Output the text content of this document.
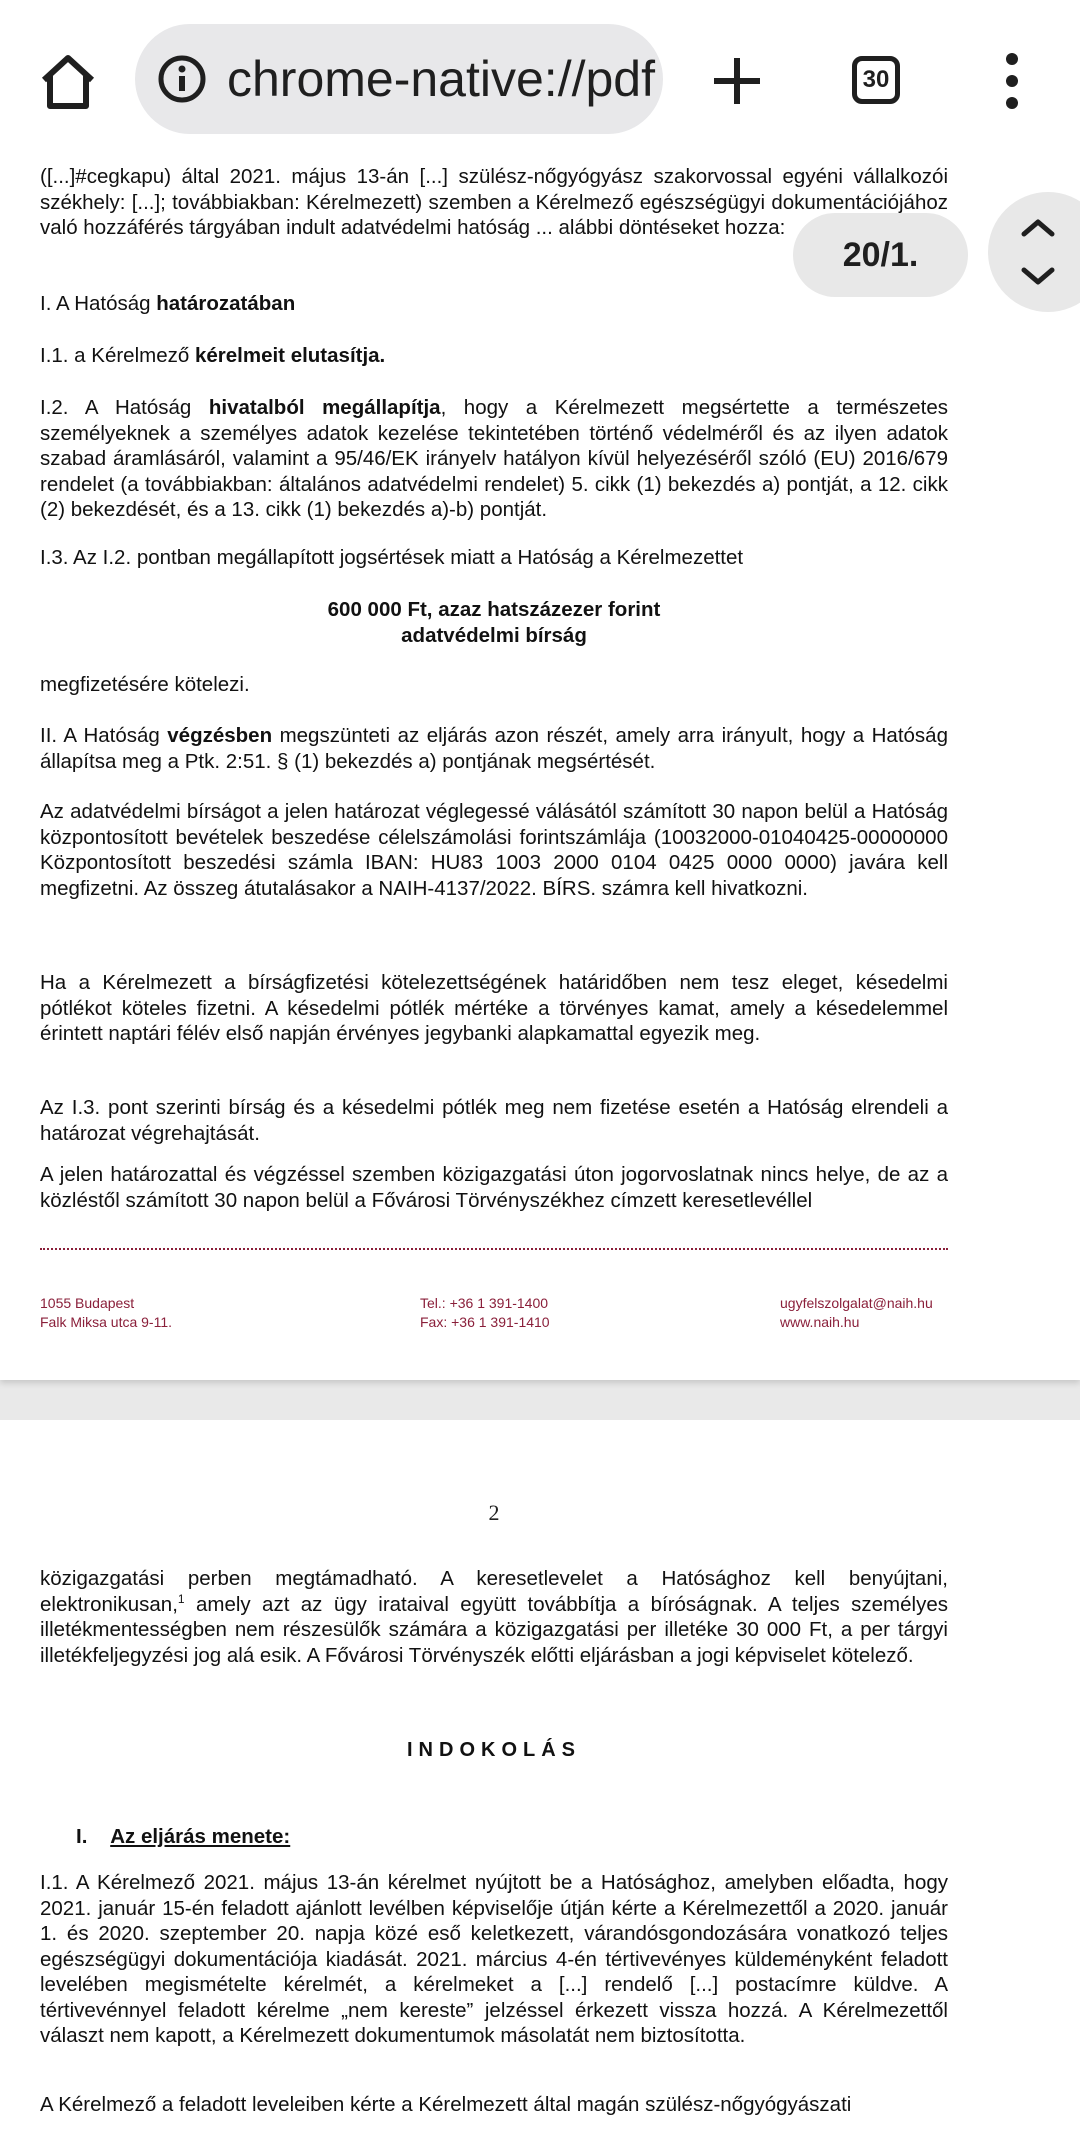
chrome-native://pdf	30
20/1.

([...]#cegkapu) által 2021. május 13-án [...] szülész-nőgyógyász szakorvossal egyéni vállalkozói székhely: [...]; továbbiakban: Kérelmezett) szemben a Kérelmező egészségügyi dokumentációjához való hozzáférés tárgyában indult adatvédelmi hatóság ... alábbi döntéseket hozza:

I. A Hatóság határozatában

I.1. a Kérelmező kérelmeit elutasítja.

I.2. A Hatóság hivatalból megállapítja, hogy a Kérelmezett megsértette a természetes személyeknek a személyes adatok kezelése tekintetében történő védelméről és az ilyen adatok szabad áramlásáról, valamint a 95/46/EK irányelv hatályon kívül helyezéséről szóló (EU) 2016/679 rendelet (a továbbiakban: általános adatvédelmi rendelet) 5. cikk (1) bekezdés a) pontját, a 12. cikk (2) bekezdését, és a 13. cikk (1) bekezdés a)-b) pontját.

I.3. Az I.2. pontban megállapított jogsértések miatt a Hatóság a Kérelmezettet

600 000 Ft, azaz hatszázezer forint
adatvédelmi bírság

megfizetésére kötelezi.

II. A Hatóság végzésben megszünteti az eljárás azon részét, amely arra irányult, hogy a Hatóság állapítsa meg a Ptk. 2:51. § (1) bekezdés a) pontjának megsértését.

Az adatvédelmi bírságot a jelen határozat véglegessé válásától számított 30 napon belül a Hatóság központosított bevételek beszedése célelszámolási forintszámlája (10032000-01040425-00000000 Központosított beszedési számla IBAN: HU83 1003 2000 0104 0425 0000 0000) javára kell megfizetni. Az összeg átutalásakor a NAIH-4137/2022. BÍRS. számra kell hivatkozni.

Ha a Kérelmezett a bírságfizetési kötelezettségének határidőben nem tesz eleget, késedelmi pótlékot köteles fizetni. A késedelmi pótlék mértéke a törvényes kamat, amely a késedelemmel érintett naptári félév első napján érvényes jegybanki alapkamattal egyezik meg.

Az I.3. pont szerinti bírság és a késedelmi pótlék meg nem fizetése esetén a Hatóság elrendeli a határozat végrehajtását.

A jelen határozattal és végzéssel szemben közigazgatási úton jogorvoslatnak nincs helye, de az a közléstől számított 30 napon belül a Fővárosi Törvényszékhez címzett keresetlevéllel

1055 Budapest
Falk Miksa utca 9-11.
Tel.: +36 1 391-1400
Fax: +36 1 391-1410
ugyfelszolgalat@naih.hu
www.naih.hu
2

közigazgatási perben megtámadható. A keresetlevelet a Hatósághoz kell benyújtani, elektronikusan,$^1$ amely azt az ügy irataival együtt továbbítja a bíróságnak. A teljes személyes illetékmentességben nem részesülők számára a közigazgatási per illetéke 30 000 Ft, a per tárgyi illetékfeljegyzési jog alá esik. A Fővárosi Törvényszék előtti eljárásban a jogi képviselet kötelező.

INDOKOLÁS

I. Az eljárás menete:

I.1. A Kérelmező 2021. május 13-án kérelmet nyújtott be a Hatósághoz, amelyben előadta, hogy 2021. január 15-én feladott ajánlott levélben képviselője útján kérte a Kérelmezettől a 2020. január 1. és 2020. szeptember 20. napja közé eső keletkezett, várandósgondozására vonatkozó teljes egészségügyi dokumentációja kiadását. 2021. március 4-én tértivevényes küldeményként feladott levelében megismételte kérelmét, a kérelmeket a [...] rendelő [...] postacímre küldve. A tértivevénnyel feladott kérelme „nem kereste” jelzéssel érkezett vissza hozzá. A Kérelmezettől választ nem kapott, a Kérelmezett dokumentumok másolatát nem biztosította.

A Kérelmező a feladott leveleiben kérte a Kérelmezett által magán szülész-nőgyógyászati
